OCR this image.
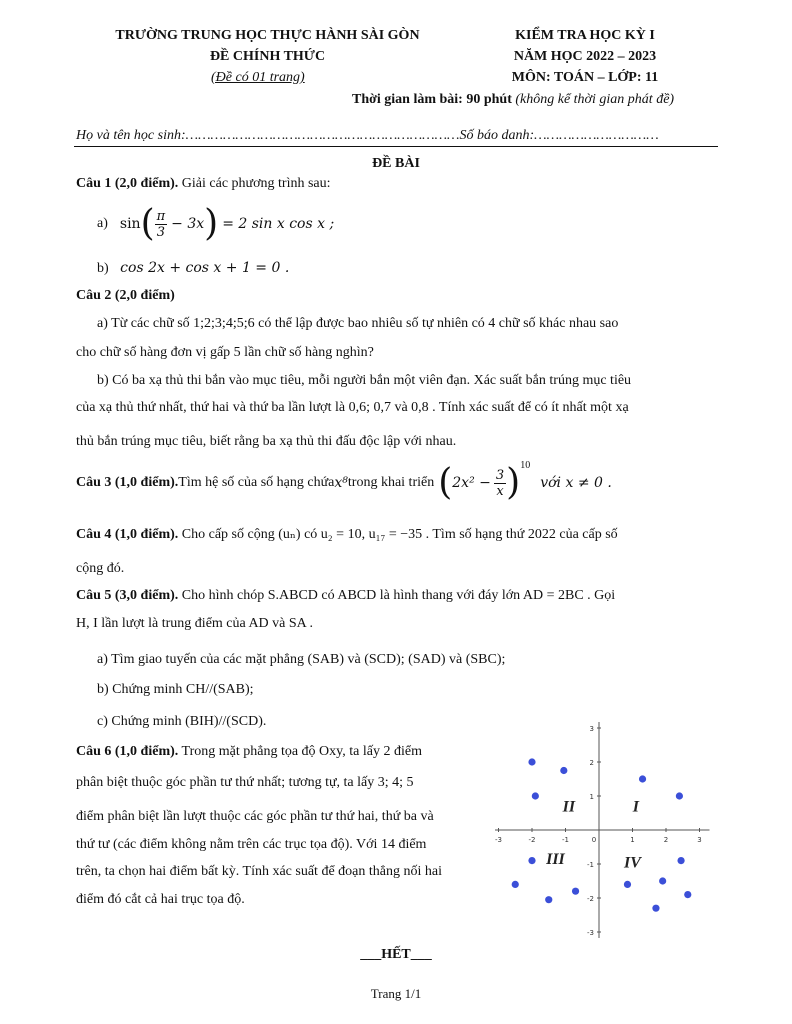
TRƯỜNG TRUNG HỌC THỰC HÀNH SÀI GÒN
ĐỀ CHÍNH THỨC
(Đề có 01 trang)
KIỂM TRA HỌC KỲ I
NĂM HỌC 2022 – 2023
MÔN: TOÁN – LỚP: 11
Thời gian làm bài: 90 phút (không kể thời gian phát đề)
Họ và tên học sinh:…………………………………………………………Số báo danh:…………………………
ĐỀ BÀI
Câu 1 (2,0 điểm). Giải các phương trình sau:
a) sin ( $\frac{\pi}{3} - 3x$ ) = 2 sin x cos x ;
b) cos 2x + cos x + 1 = 0 .
Câu 2 (2,0 điểm)
a) Từ các chữ số 1;2;3;4;5;6 có thể lập được bao nhiêu số tự nhiên có 4 chữ số khác nhau sao
cho chữ số hàng đơn vị gấp 5 lần chữ số hàng nghìn?
b) Có ba xạ thủ thi bắn vào mục tiêu, mỗi người bắn một viên đạn. Xác suất bắn trúng mục tiêu
của xạ thủ thứ nhất, thứ hai và thứ ba lần lượt là 0,6; 0,7 và 0,8 . Tính xác suất để có ít nhất một xạ
thủ bắn trúng mục tiêu, biết rằng ba xạ thủ thi đấu độc lập với nhau.
Câu 3 (1,0 điểm). Tìm hệ số của số hạng chứa x⁸ trong khai triển ( $2x^2 - \frac{3}{x}$ ) 10
với x ≠ 0 .
Câu 4 (1,0 điểm). Cho cấp số cộng (uₙ) có u₂ = 10, u₁₇ = −35 . Tìm số hạng thứ 2022 của cấp số
cộng đó.
Câu 5 (3,0 điểm). Cho hình chóp S.ABCD có ABCD là hình thang với đáy lớn AD = 2BC . Gọi
H, I lần lượt là trung điểm của AD và SA .
a) Tìm giao tuyến của các mặt phẳng (SAB) và (SCD); (SAD) và (SBC);
b) Chứng minh CH//(SAB);
c) Chứng minh (BIH)//(SCD).
Câu 6 (1,0 điểm). Trong mặt phẳng tọa độ Oxy, ta lấy 2 điểm
phân biệt thuộc góc phần tư thứ nhất; tương tự, ta lấy 3; 4; 5
điểm phân biệt lần lượt thuộc các góc phần tư thứ hai, thứ ba và
thứ tư (các điểm không nằm trên các trục tọa độ). Với 14 điểm
trên, ta chọn hai điểm bất kỳ. Tính xác suất để đoạn thẳng nối hai
điểm đó cắt cả hai trục tọa độ.
-3	-2	-1	0	1	2	3
3
2
1
-1
-2
-3
I
II
III	IV
___HẾT___
Trang 1/1
